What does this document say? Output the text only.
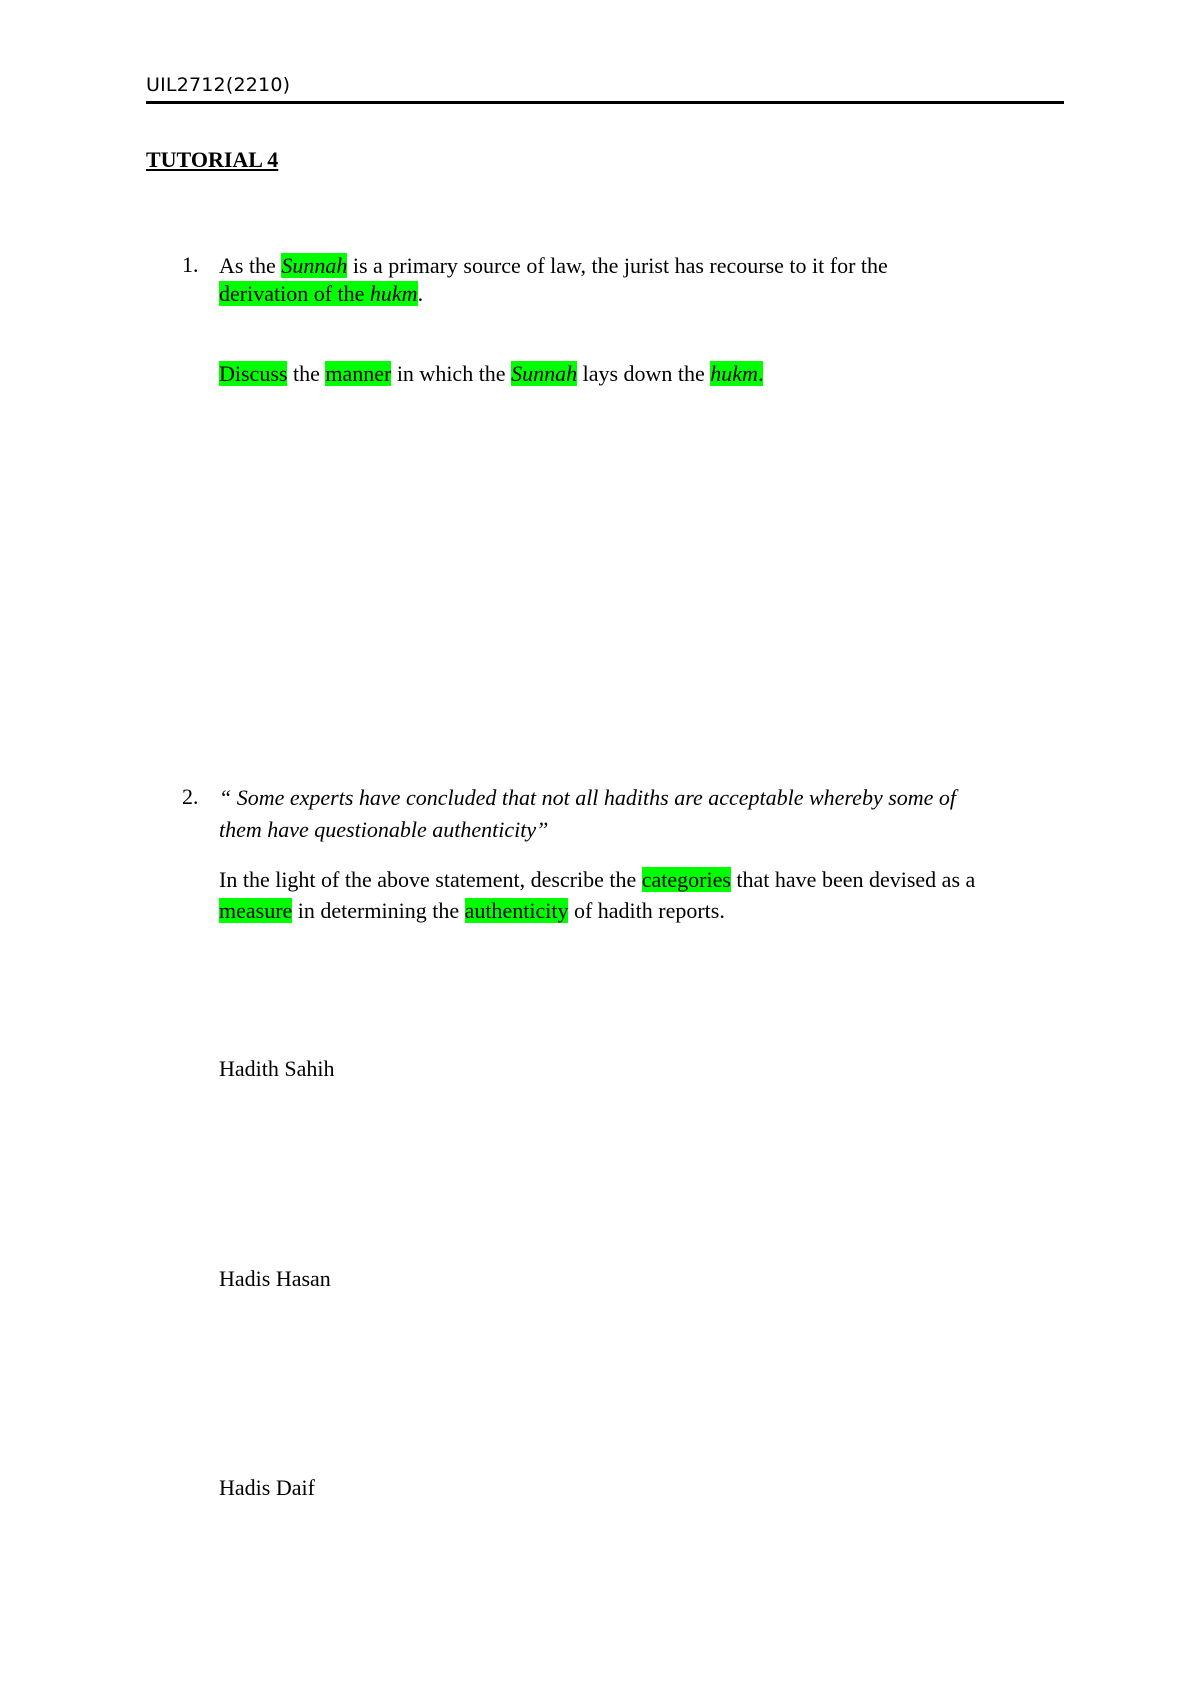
UIL2712(2210)
TUTORIAL 4
1. As the Sunnah is a primary source of law, the jurist has recourse to it for the
derivation of the hukm.
Discuss the manner in which the Sunnah lays down the hukm.
2. “ Some experts have concluded that not all hadiths are acceptable whereby some of
them have questionable authenticity”
In the light of the above statement, describe the categories that have been devised as a
measure in determining the authenticity of hadith reports.
Hadith Sahih
Hadis Hasan
Hadis Daif
